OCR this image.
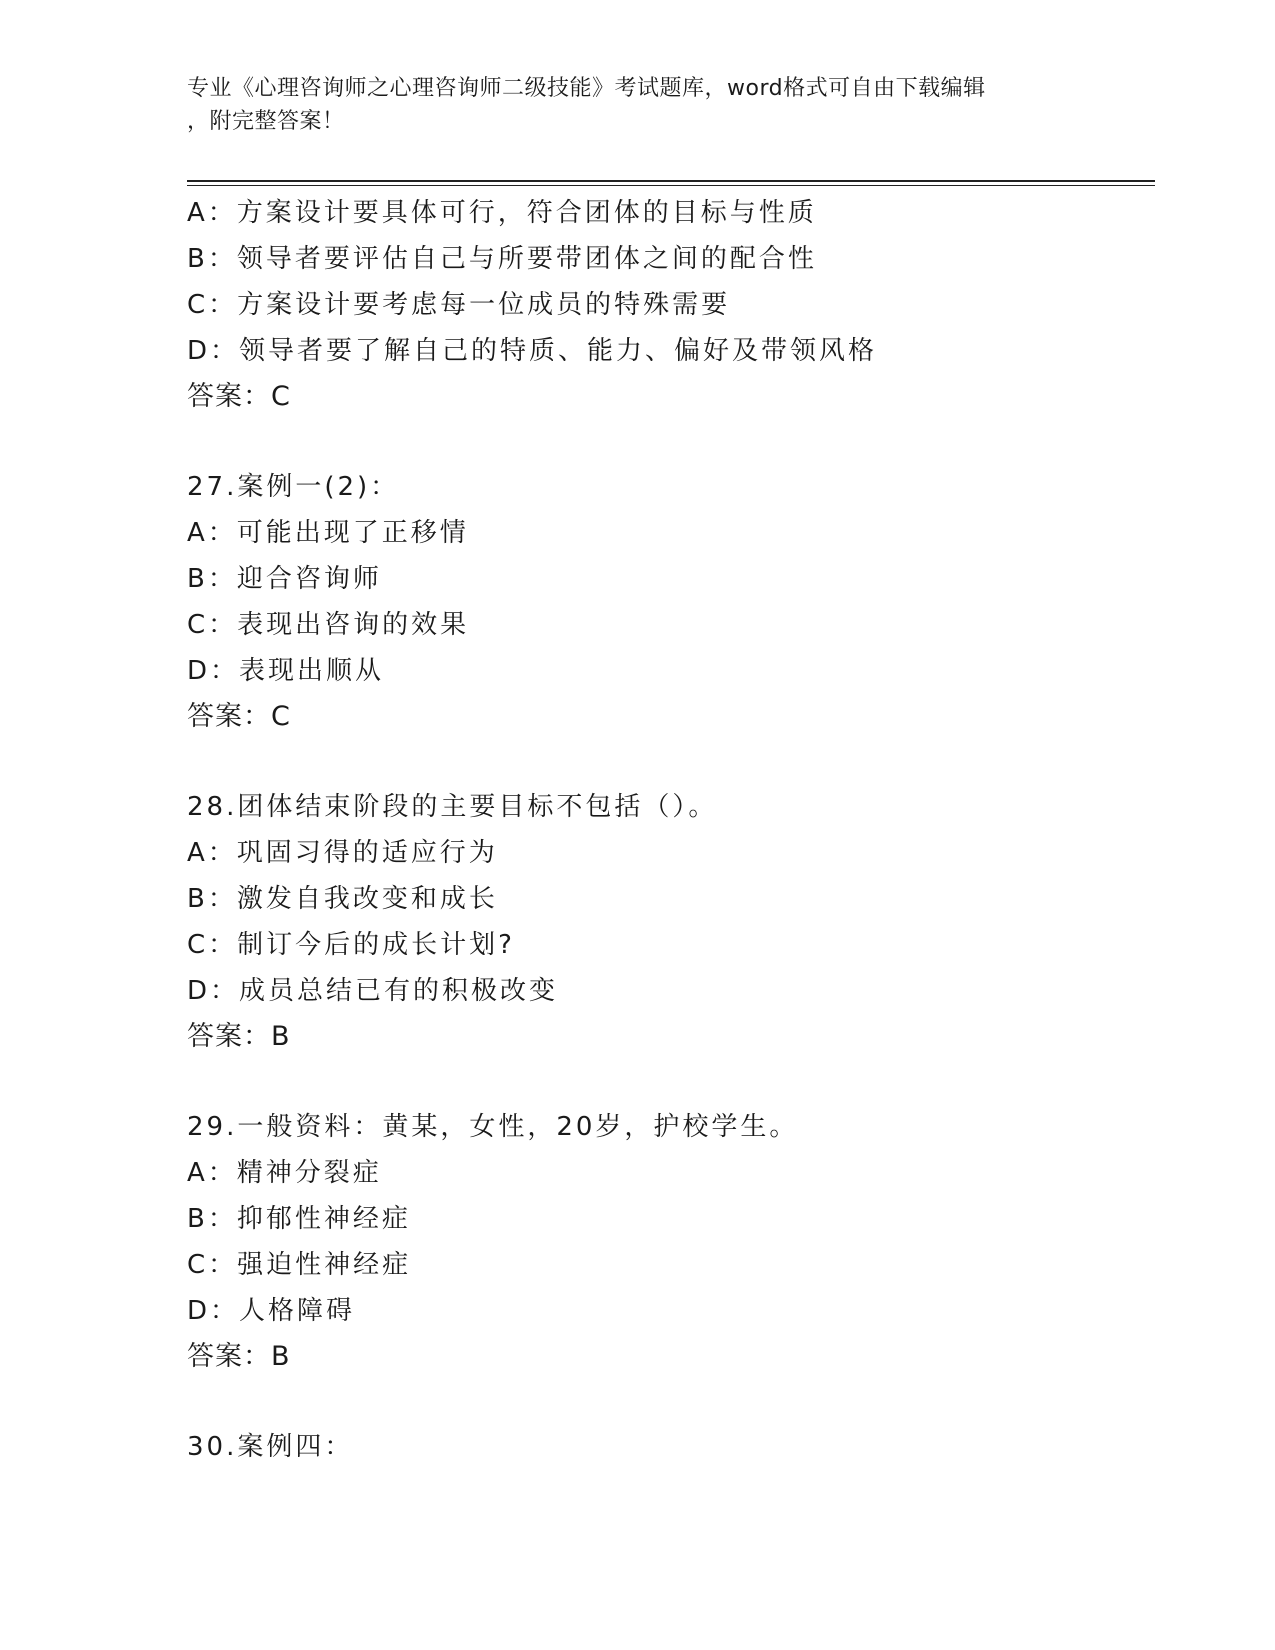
专业《心理咨询师之心理咨询师二级技能》考试题库，word格式可自由下载编辑
，附完整答案！
A：方案设计要具体可行，符合团体的目标与性质
B：领导者要评估自己与所要带团体之间的配合性
C：方案设计要考虑每一位成员的特殊需要
D：领导者要了解自己的特质、能力、偏好及带领风格
答案：C
27.案例一(2)：
A：可能出现了正移情
B：迎合咨询师
C：表现出咨询的效果
D：表现出顺从
答案：C
28.团体结束阶段的主要目标不包括（）。
A：巩固习得的适应行为
B：激发自我改变和成长
C：制订今后的成长计划?
D：成员总结已有的积极改变
答案：B
29.一般资料：黄某，女性，20岁，护校学生。
A：精神分裂症
B：抑郁性神经症
C：强迫性神经症
D：人格障碍
答案：B
30.案例四：
